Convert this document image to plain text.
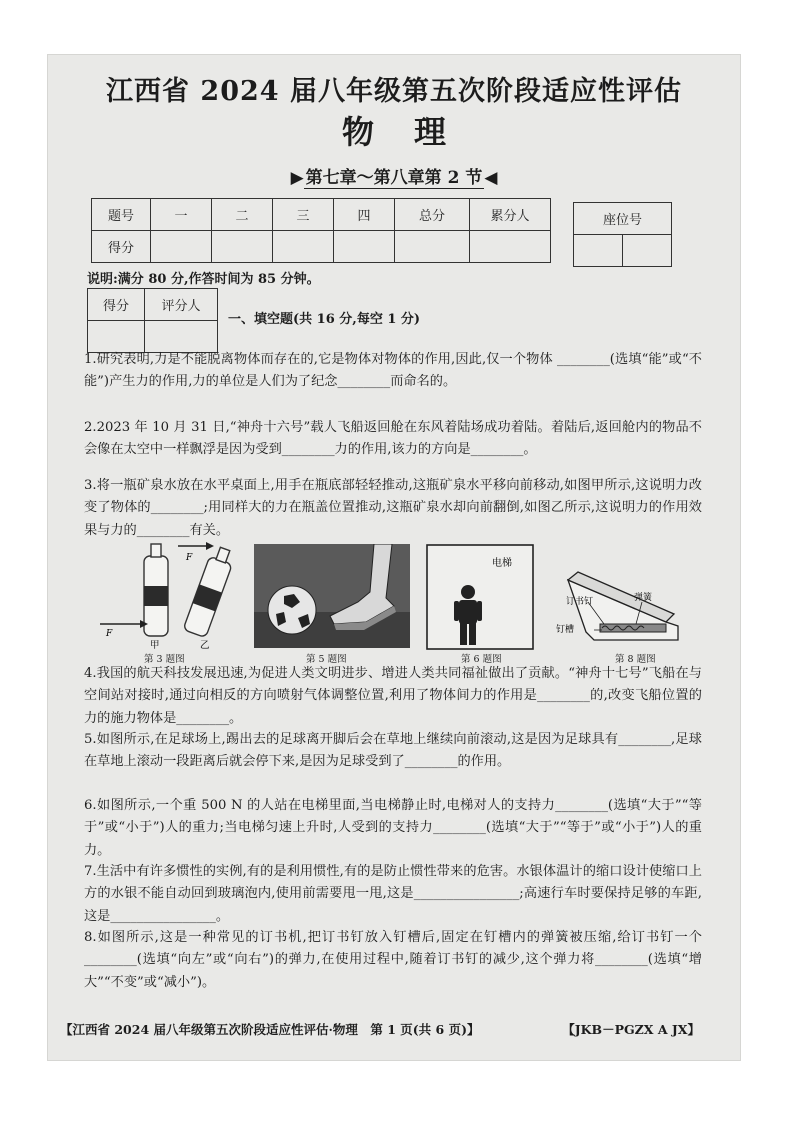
江西省 2024 届八年级第五次阶段适应性评估
物理
▶ 第七章～第八章第 2 节 ◀
题号	一	二	三	四	总分	累分人
得分						
座位号

说明:满分 80 分,作答时间为 85 分钟。
得分	评分人

一、填空题(共 16 分,每空 1 分)
1.研究表明,力是不能脱离物体而存在的,它是物体对物体的作用,因此,仅一个物体 ________(选填“能”或“不能”)产生力的作用,力的单位是人们为了纪念________而命名的。
2.2023 年 10 月 31 日,“神舟十六号”载人飞船返回舱在东风着陆场成功着陆。着陆后,返回舱内的物品不会像在太空中一样飘浮是因为受到________力的作用,该力的方向是________。
3.将一瓶矿泉水放在水平桌面上,用手在瓶底部轻轻推动,这瓶矿泉水平移向前移动,如图甲所示,这说明力改变了物体的________;用同样大的力在瓶盖位置推动,这瓶矿泉水却向前翻倒,如图乙所示,这说明力的作用效果与力的________有关。
F
F
甲	乙
第 3 题图	第 5 题图
电梯
第 6 题图
订书钉	弹簧
钉槽
第 8 题图
4.我国的航天科技发展迅速,为促进人类文明进步、增进人类共同福祉做出了贡献。“神舟十七号”飞船在与空间站对接时,通过向相反的方向喷射气体调整位置,利用了物体间力的作用是________的,改变飞船位置的力的施力物体是________。
5.如图所示,在足球场上,踢出去的足球离开脚后会在草地上继续向前滚动,这是因为足球具有________,足球在草地上滚动一段距离后就会停下来,是因为足球受到了________的作用。
6.如图所示,一个重 500 N 的人站在电梯里面,当电梯静止时,电梯对人的支持力________(选填“大于”“等于”或“小于”)人的重力;当电梯匀速上升时,人受到的支持力________(选填“大于”“等于”或“小于”)人的重力。
7.生活中有许多惯性的实例,有的是利用惯性,有的是防止惯性带来的危害。水银体温计的缩口设计使缩口上方的水银不能自动回到玻璃泡内,使用前需要甩一甩,这是________________;高速行车时要保持足够的车距,这是________________。
8.如图所示,这是一种常见的订书机,把订书钉放入钉槽后,固定在钉槽内的弹簧被压缩,给订书钉一个________(选填“向左”或“向右”)的弹力,在使用过程中,随着订书钉的减少,这个弹力将________(选填“增大”“不变”或“减小”)。
【江西省 2024 届八年级第五次阶段适应性评估·物理　第 1 页(共 6 页)】	【JKB－PGZX A JX】
